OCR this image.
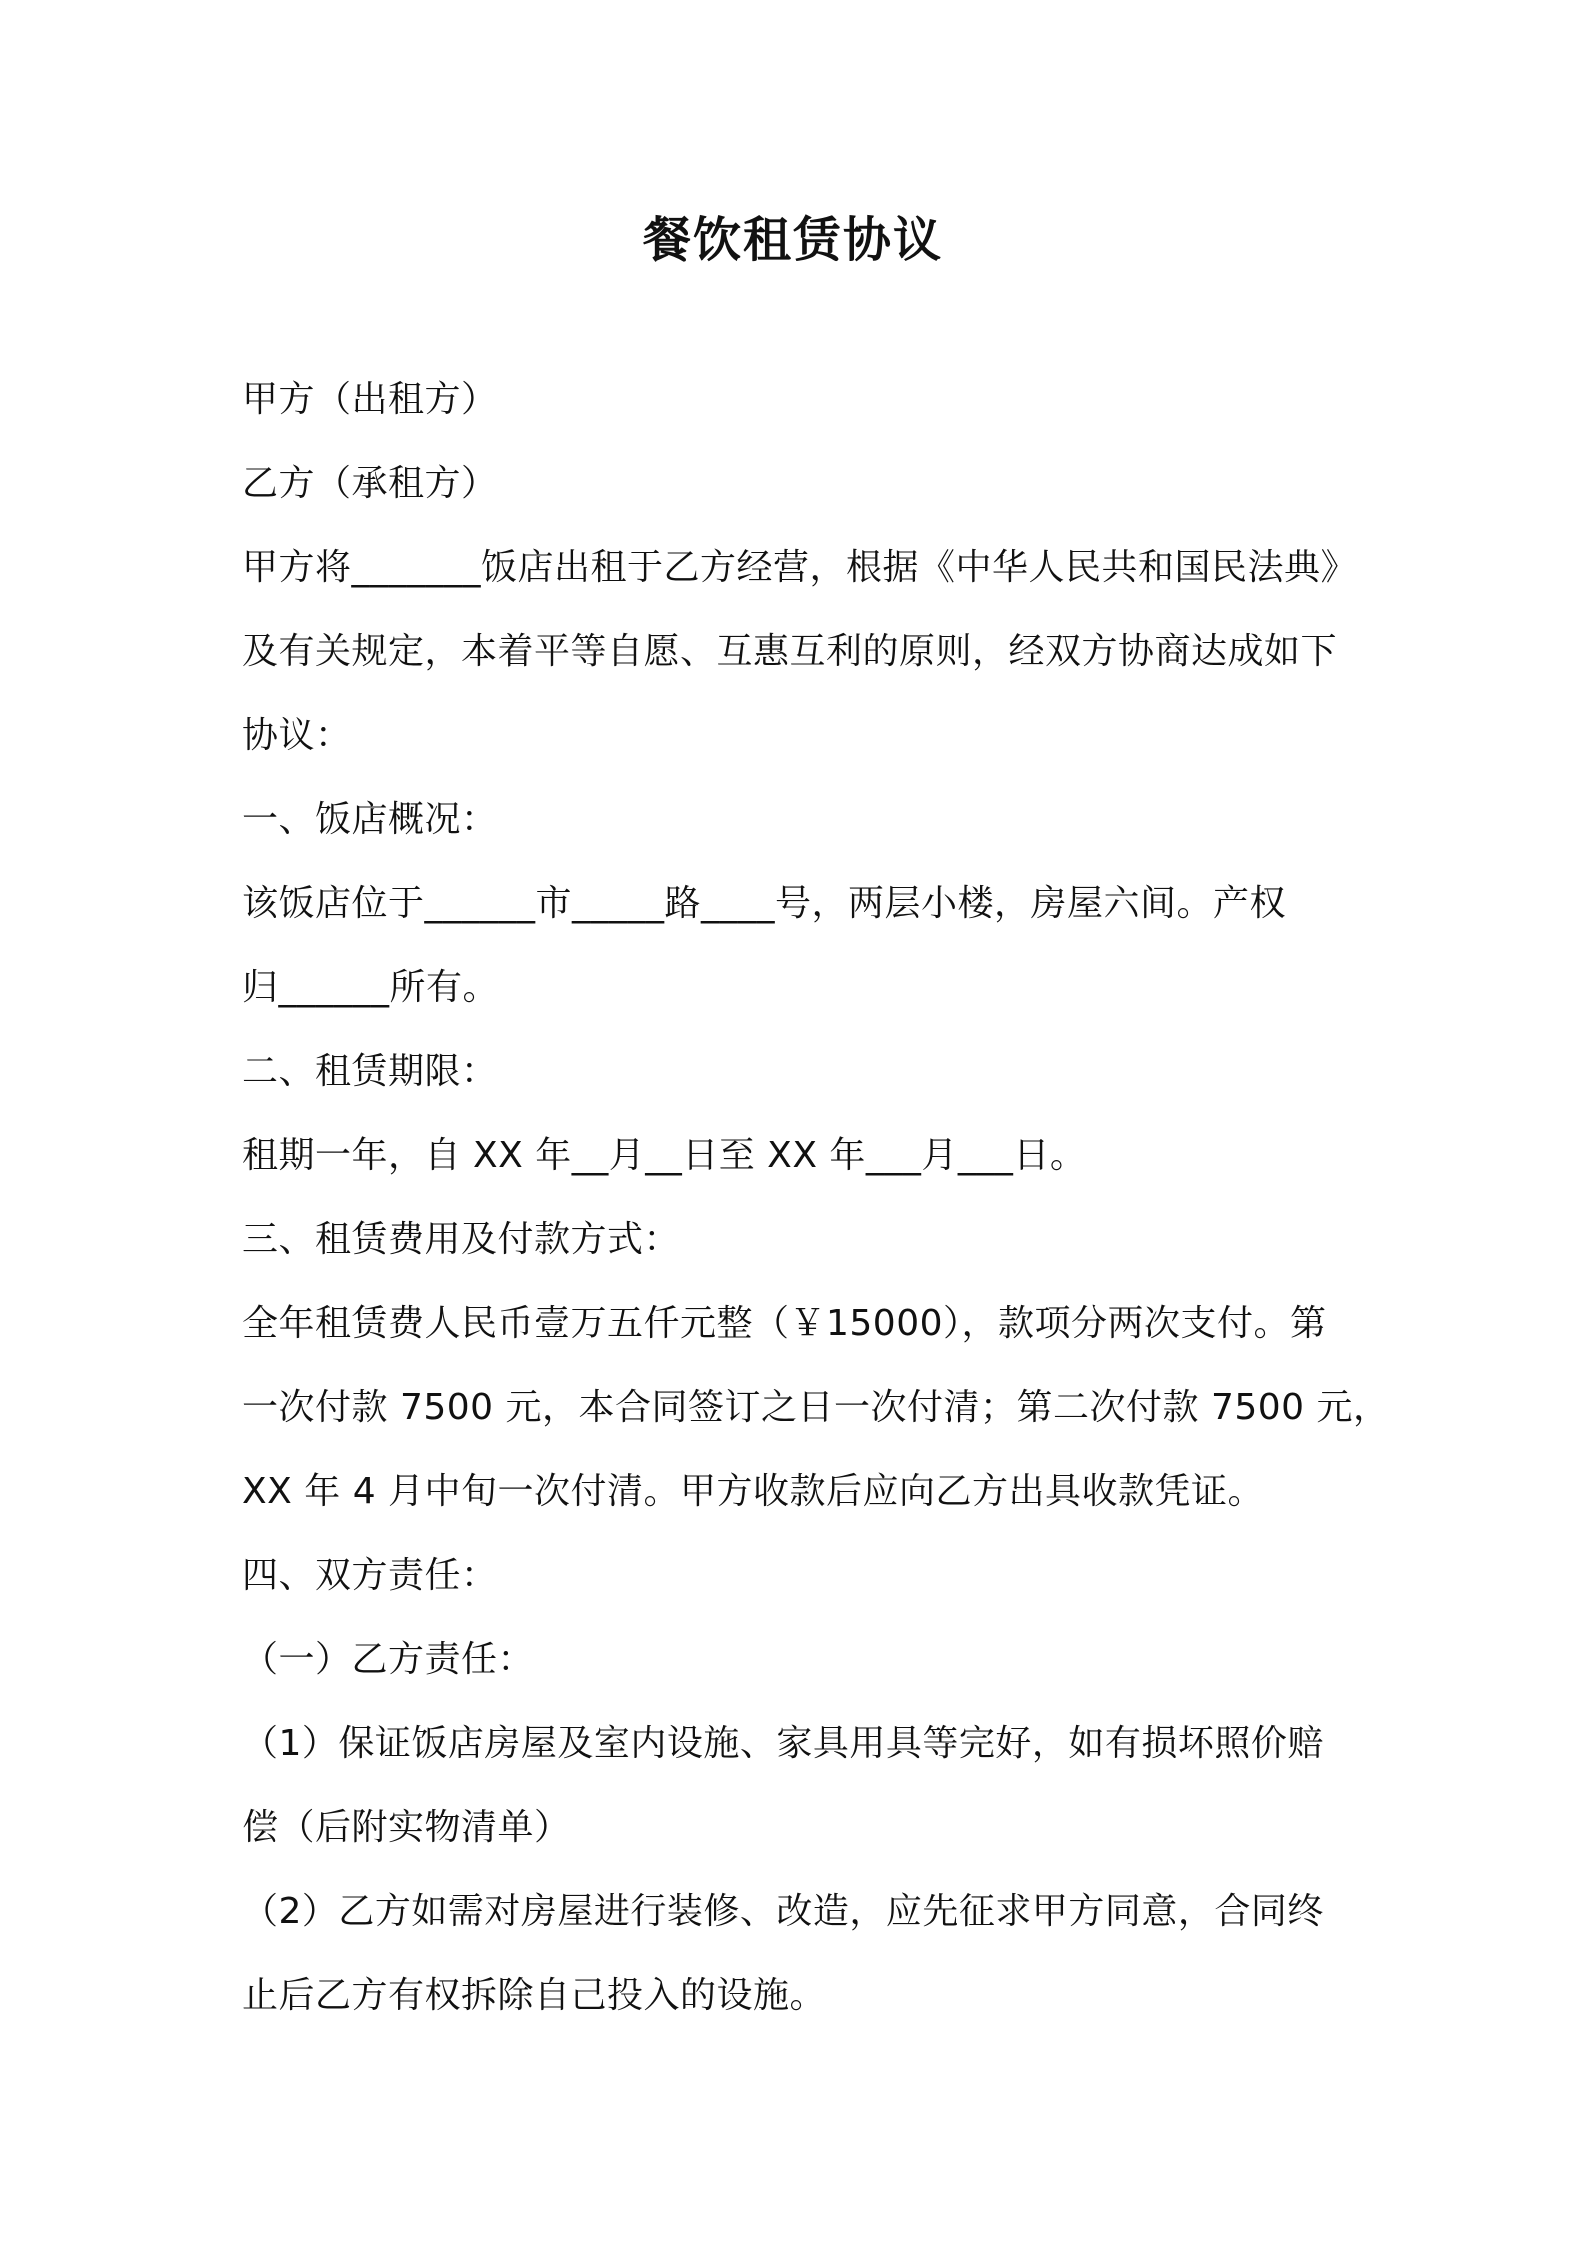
餐饮租赁协议
甲方（出租方）
乙方（承租方）
甲方将_______饭店出租于乙方经营，根据《中华人民共和国民法典》
及有关规定，本着平等自愿、互惠互利的原则，经双方协商达成如下
协议：
一、饭店概况：
该饭店位于______市_____路____号，两层小楼，房屋六间。产权
归______所有。
二、租赁期限：
租期一年，自 XX 年__月__日至 XX 年___月___日。
三、租赁费用及付款方式：
全年租赁费人民币壹万五仟元整（￥15000），款项分两次支付。第
一次付款 7500 元，本合同签订之日一次付清；第二次付款 7500 元，
XX 年 4 月中旬一次付清。甲方收款后应向乙方出具收款凭证。
四、双方责任：
（一）乙方责任：
（1）保证饭店房屋及室内设施、家具用具等完好，如有损坏照价赔
偿（后附实物清单）
（2）乙方如需对房屋进行装修、改造，应先征求甲方同意，合同终
止后乙方有权拆除自己投入的设施。
